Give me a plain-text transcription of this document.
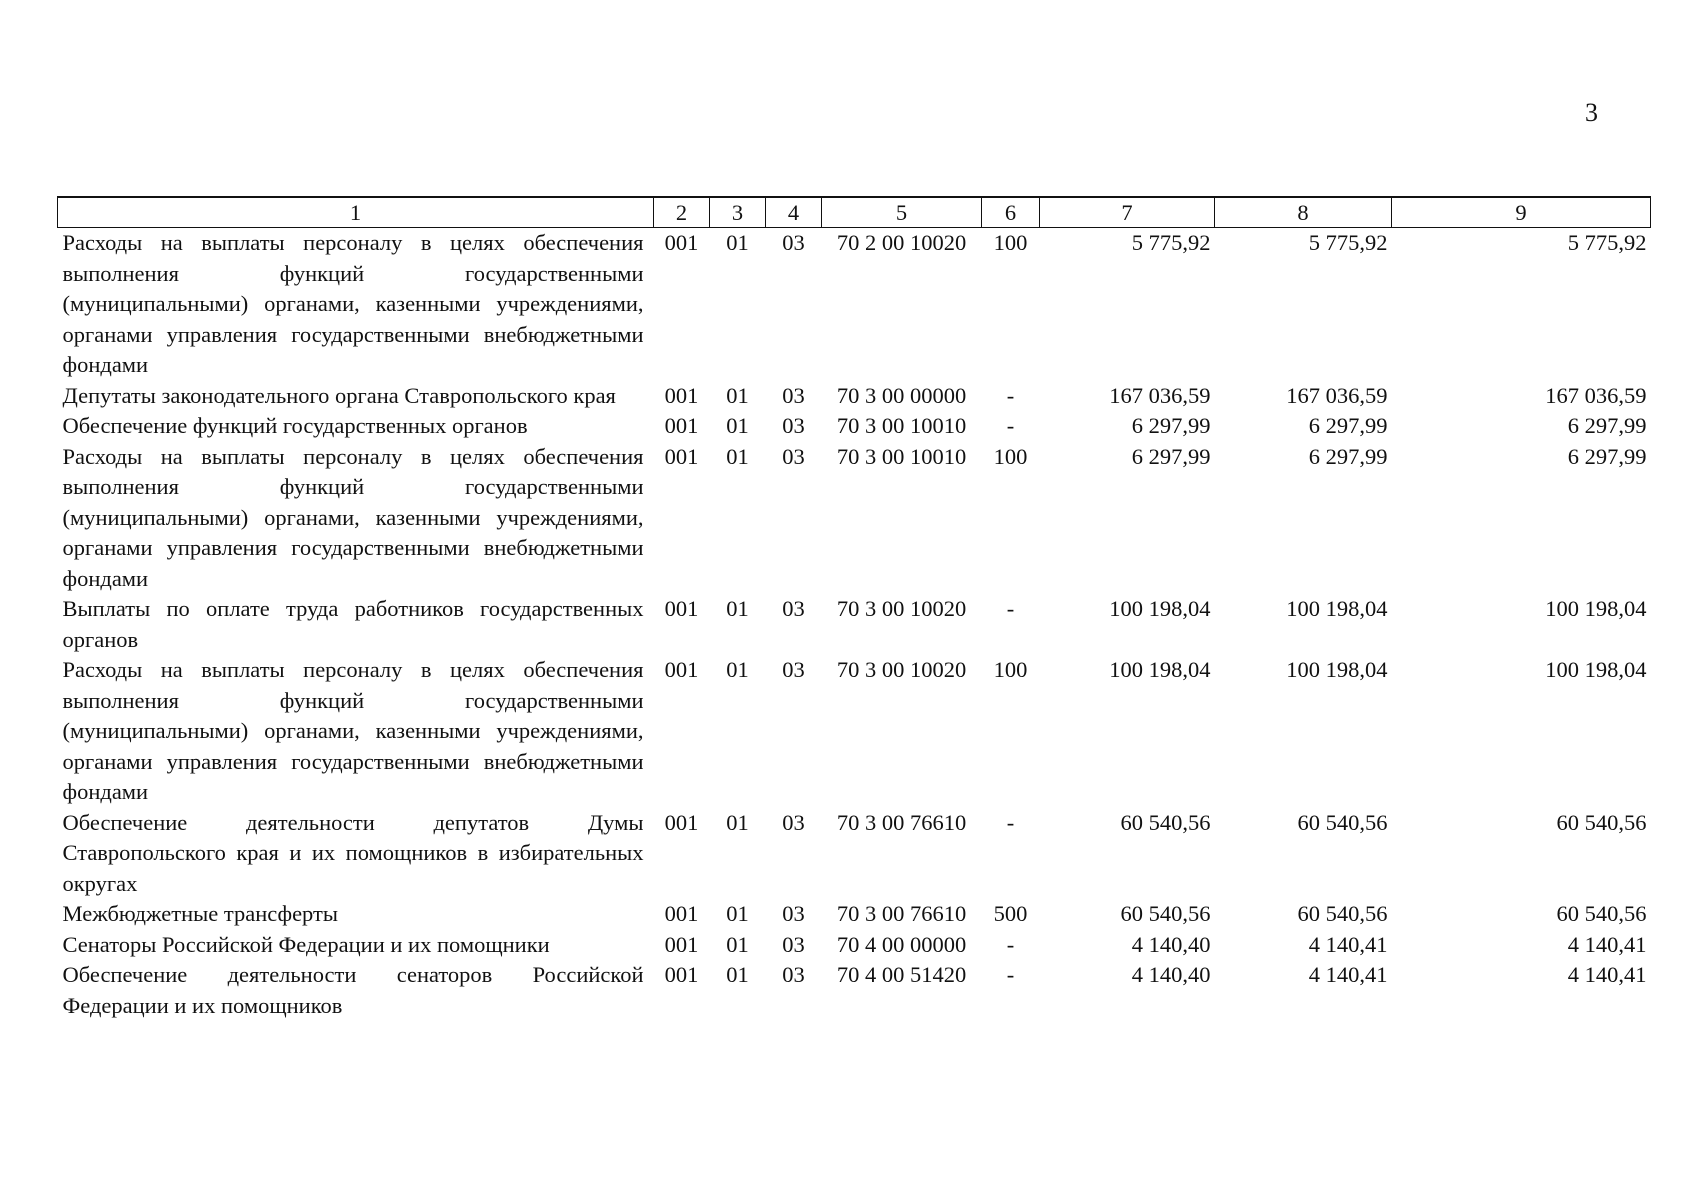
3
1	2	3	4	5	6	7	8	9
Расходы на выплаты персоналу в целях обеспечения выполнения функций государственными (муниципальными) органами, казенными учреждениями, органами управления государственными внебюджетными фондами	001	01	03	70 2 00 10020	100	5 775,92	5 775,92	5 775,92
Депутаты законодательного органа Ставропольского края	001	01	03	70 3 00 00000	-	167 036,59	167 036,59	167 036,59
Обеспечение функций государственных органов	001	01	03	70 3 00 10010	-	6 297,99	6 297,99	6 297,99
Расходы на выплаты персоналу в целях обеспечения выполнения функций государственными (муниципальными) органами, казенными учреждениями, органами управления государственными внебюджетными фондами	001	01	03	70 3 00 10010	100	6 297,99	6 297,99	6 297,99
Выплаты по оплате труда работников государственных органов	001	01	03	70 3 00 10020	-	100 198,04	100 198,04	100 198,04
Расходы на выплаты персоналу в целях обеспечения выполнения функций государственными (муниципальными) органами, казенными учреждениями, органами управления государственными внебюджетными фондами	001	01	03	70 3 00 10020	100	100 198,04	100 198,04	100 198,04
Обеспечение деятельности депутатов Думы Ставропольского края и их помощников в избирательных округах	001	01	03	70 3 00 76610	-	60 540,56	60 540,56	60 540,56
Межбюджетные трансферты	001	01	03	70 3 00 76610	500	60 540,56	60 540,56	60 540,56
Сенаторы Российской Федерации и их помощники	001	01	03	70 4 00 00000	-	4 140,40	4 140,41	4 140,41
Обеспечение деятельности сенаторов Российской Федерации и их помощников	001	01	03	70 4 00 51420	-	4 140,40	4 140,41	4 140,41
